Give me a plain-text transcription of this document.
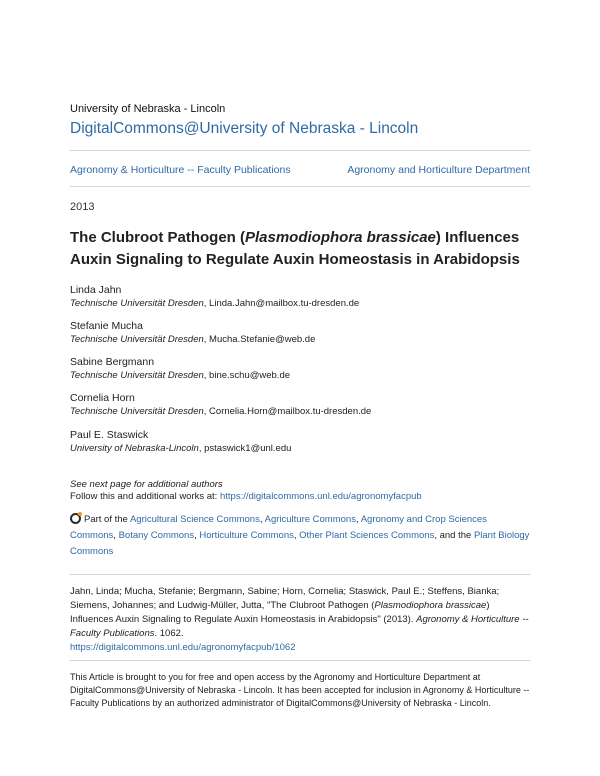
University of Nebraska - Lincoln
DigitalCommons@University of Nebraska - Lincoln
Agronomy & Horticulture -- Faculty Publications	Agronomy and Horticulture Department
2013
The Clubroot Pathogen (Plasmodiophora brassicae) Influences Auxin Signaling to Regulate Auxin Homeostasis in Arabidopsis
Linda Jahn
Technische Universität Dresden, Linda.Jahn@mailbox.tu-dresden.de
Stefanie Mucha
Technische Universität Dresden, Mucha.Stefanie@web.de
Sabine Bergmann
Technische Universität Dresden, bine.schu@web.de
Cornelia Horn
Technische Universität Dresden, Cornelia.Horn@mailbox.tu-dresden.de
Paul E. Staswick
University of Nebraska-Lincoln, pstaswick1@unl.edu
See next page for additional authors
Follow this and additional works at: https://digitalcommons.unl.edu/agronomyfacpub
Part of the Agricultural Science Commons, Agriculture Commons, Agronomy and Crop Sciences Commons, Botany Commons, Horticulture Commons, Other Plant Sciences Commons, and the Plant Biology Commons
Jahn, Linda; Mucha, Stefanie; Bergmann, Sabine; Horn, Cornelia; Staswick, Paul E.; Steffens, Bianka; Siemens, Johannes; and Ludwig-Müller, Jutta, "The Clubroot Pathogen (Plasmodiophora brassicae) Influences Auxin Signaling to Regulate Auxin Homeostasis in Arabidopsis" (2013). Agronomy & Horticulture -- Faculty Publications. 1062.
https://digitalcommons.unl.edu/agronomyfacpub/1062
This Article is brought to you for free and open access by the Agronomy and Horticulture Department at DigitalCommons@University of Nebraska - Lincoln. It has been accepted for inclusion in Agronomy & Horticulture -- Faculty Publications by an authorized administrator of DigitalCommons@University of Nebraska - Lincoln.
